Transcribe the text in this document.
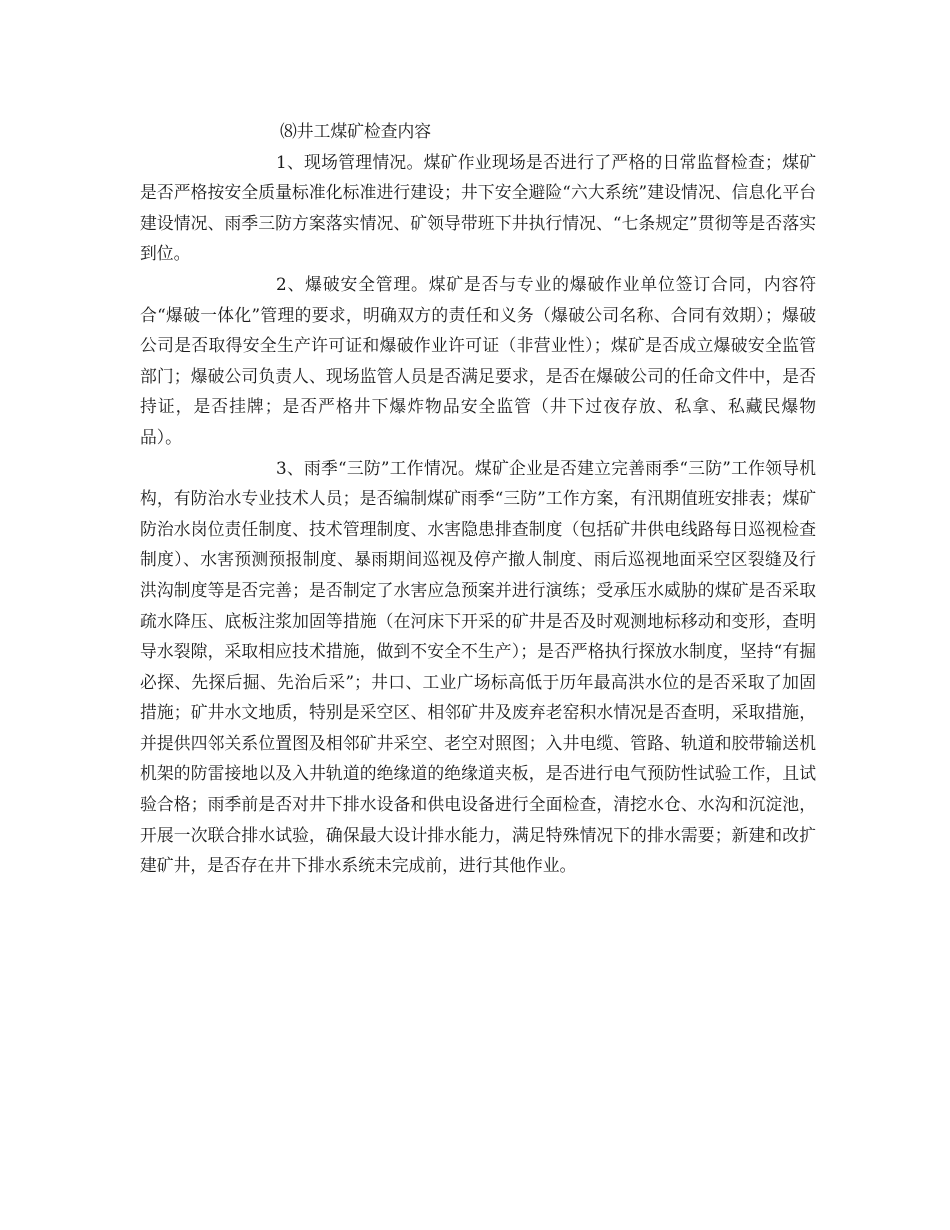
⑻井工煤矿检查内容

1、现场管理情况。煤矿作业现场是否进行了严格的日常监督检查；煤矿是否严格按安全质量标准化标准进行建设；井下安全避险“六大系统”建设情况、信息化平台建设情况、雨季三防方案落实情况、矿领导带班下井执行情况、“七条规定”贯彻等是否落实到位。

2、爆破安全管理。煤矿是否与专业的爆破作业单位签订合同，内容符合“爆破一体化”管理的要求，明确双方的责任和义务（爆破公司名称、合同有效期）；爆破公司是否取得安全生产许可证和爆破作业许可证（非营业性）；煤矿是否成立爆破安全监管部门；爆破公司负责人、现场监管人员是否满足要求，是否在爆破公司的任命文件中，是否持证，是否挂牌；是否严格井下爆炸物品安全监管（井下过夜存放、私拿、私藏民爆物品）。

3、雨季“三防”工作情况。煤矿企业是否建立完善雨季“三防”工作领导机构，有防治水专业技术人员；是否编制煤矿雨季“三防”工作方案，有汛期值班安排表；煤矿防治水岗位责任制度、技术管理制度、水害隐患排查制度（包括矿井供电线路每日巡视检查制度）、水害预测预报制度、暴雨期间巡视及停产撤人制度、雨后巡视地面采空区裂缝及行洪沟制度等是否完善；是否制定了水害应急预案并进行演练；受承压水威胁的煤矿是否采取疏水降压、底板注浆加固等措施（在河床下开采的矿井是否及时观测地标移动和变形，查明导水裂隙，采取相应技术措施，做到不安全不生产）；是否严格执行探放水制度，坚持“有掘必探、先探后掘、先治后采”；井口、工业广场标高低于历年最高洪水位的是否采取了加固措施；矿井水文地质，特别是采空区、相邻矿井及废弃老窑积水情况是否查明，采取措施，并提供四邻关系位置图及相邻矿井采空、老空对照图；入井电缆、管路、轨道和胶带输送机机架的防雷接地以及入井轨道的绝缘道的绝缘道夹板，是否进行电气预防性试验工作，且试验合格；雨季前是否对井下排水设备和供电设备进行全面检查，清挖水仓、水沟和沉淀池，开展一次联合排水试验，确保最大设计排水能力，满足特殊情况下的排水需要；新建和改扩建矿井，是否存在井下排水系统未完成前，进行其他作业。
